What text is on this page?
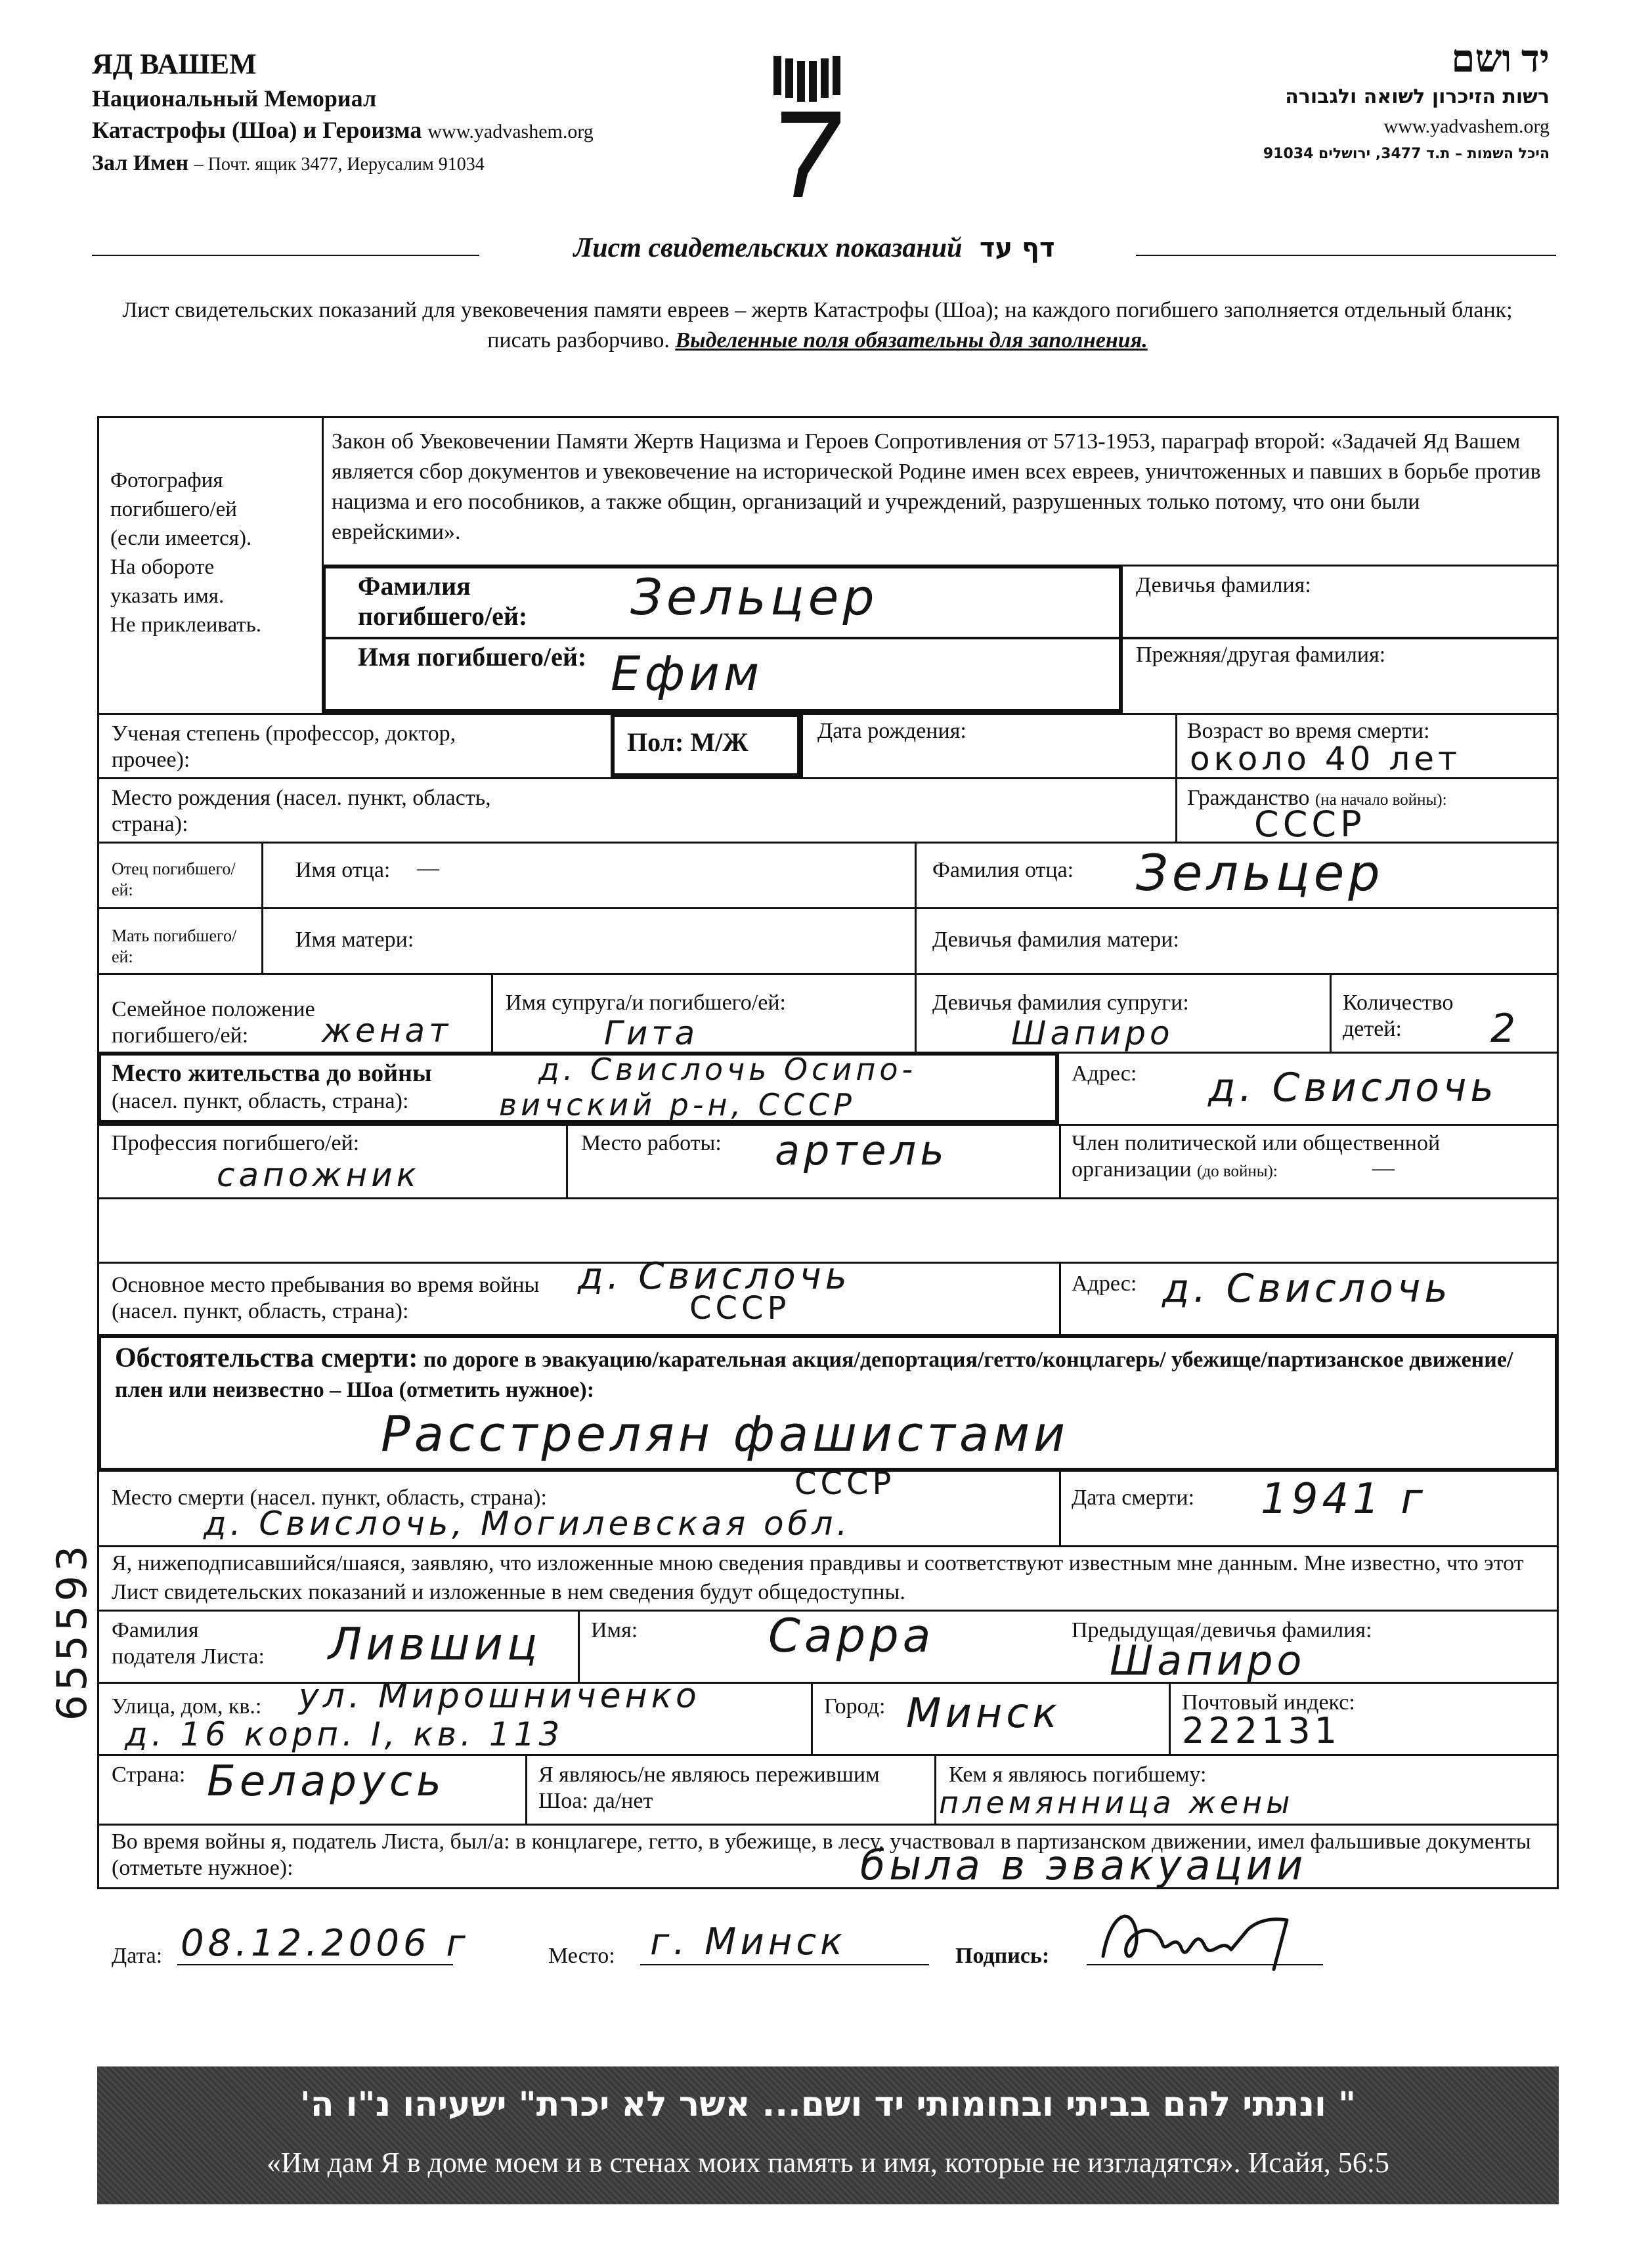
ЯД ВАШЕМ
Национальный Мемориал
Катастрофы (Шоа) и Героизма www.yadvashem.org
Зал Имен – Почт. ящик 3477, Иерусалим 91034
יד ושם
רשות הזיכרון לשואה ולגבורה
www.yadvashem.org
היכל השמות – ת.ד 3477, ירושלים 91034
Лист свидетельских показаний דף עד
Лист свидетельских показаний для увековечения памяти евреев – жертв Катастрофы (Шоа); на каждого погибшего заполняется отдельный бланк; писать разборчиво. Выделенные поля обязательны для заполнения.
Фотография
погибшего/ей
(если имеется).
На обороте
указать имя.
Не приклеивать.
Закон об Увековечении Памяти Жертв Нацизма и Героев Сопротивления от 5713-1953, параграф второй: «Задачей Яд Вашем является сбор документов и увековечение на исторической Родине имен всех евреев, уничтоженных и павших в борьбе против нацизма и его пособников, а также общин, организаций и учреждений, разрушенных только потому, что они были еврейскими».
Фамилия погибшего/ей:	Зельцер	Девичья фамилия:
Имя погибшего/ей: Ефим	Прежняя/другая фамилия:
Ученая степень (профессор, доктор, прочее):
Пол: М/Ж	Дата рождения:	Возраст во время смерти:
около 40 лет
Место рождения (насел. пункт, область, страна):
Гражданство (на начало войны):
СССР
Отец погибшего/ей:
Имя отца: —	Фамилия отца: Зельцер
Мать погибшего/ей:
Имя матери:	Девичья фамилия матери:
Семейное положение погибшего/ей:	женат
Имя супруга/и погибшего/ей:
Гита
Девичья фамилия супруги:
Шапиро
Количество детей:	2
Место жительства до войны
(насел. пункт, область, страна):
д. Свислочь Осипо-
вичский р-н, СССР
Адрес: д. Свислочь
Профессия погибшего/ей:
сапожник
Место работы: артель	Член политической или общественной организации (до войны):	—
Основное место пребывания во время войны (насел. пункт, область, страна):
д. Свислочь
СССР
Адрес: д. Свислочь
Обстоятельства смерти: по дороге в эвакуацию/карательная акция/депортация/гетто/концлагерь/ убежище/партизанское движение/плен или неизвестно – Шоа (отметить нужное):
Расстрелян фашистами
Место смерти (насел. пункт, область, страна):	СССР
д. Свислочь, Могилевская обл.
Дата смерти: 1941 г
Я, нижеподписавшийся/шаяся, заявляю, что изложенные мною сведения правдивы и соответствуют известным мне данным. Мне известно, что этот Лист свидетельских показаний и изложенные в нем сведения будут общедоступны.
Фамилия подателя Листа:	Лившиц Имя:	Сарра	Предыдущая/девичья фамилия:
Шапиро
Улица, дом, кв.: ул. Мирошниченко
д. 16 корп. I, кв. 113
Город: Минск	Почтовый индекс:
222131
Страна: Беларусь	Я являюсь/не являюсь пережившим Шоа: да/нет
Кем я являюсь погибшему:
племянница жены
Во время войны я, податель Листа, был/а: в концлагере, гетто, в убежище, в лесу, участвовал в партизанском движении, имел фальшивые документы (отметьте нужное):	была в эвакуации
Дата: 08.12.2006 г	Место: г. Минск	Подпись:
655593
" ונתתי להם בביתי ובחומותי יד ושם... אשר לא יכרת" ישעיהו נ"ו ה'
«Им дам Я в доме моем и в стенах моих память и имя, которые не изгладятся». Исайя, 56:5
